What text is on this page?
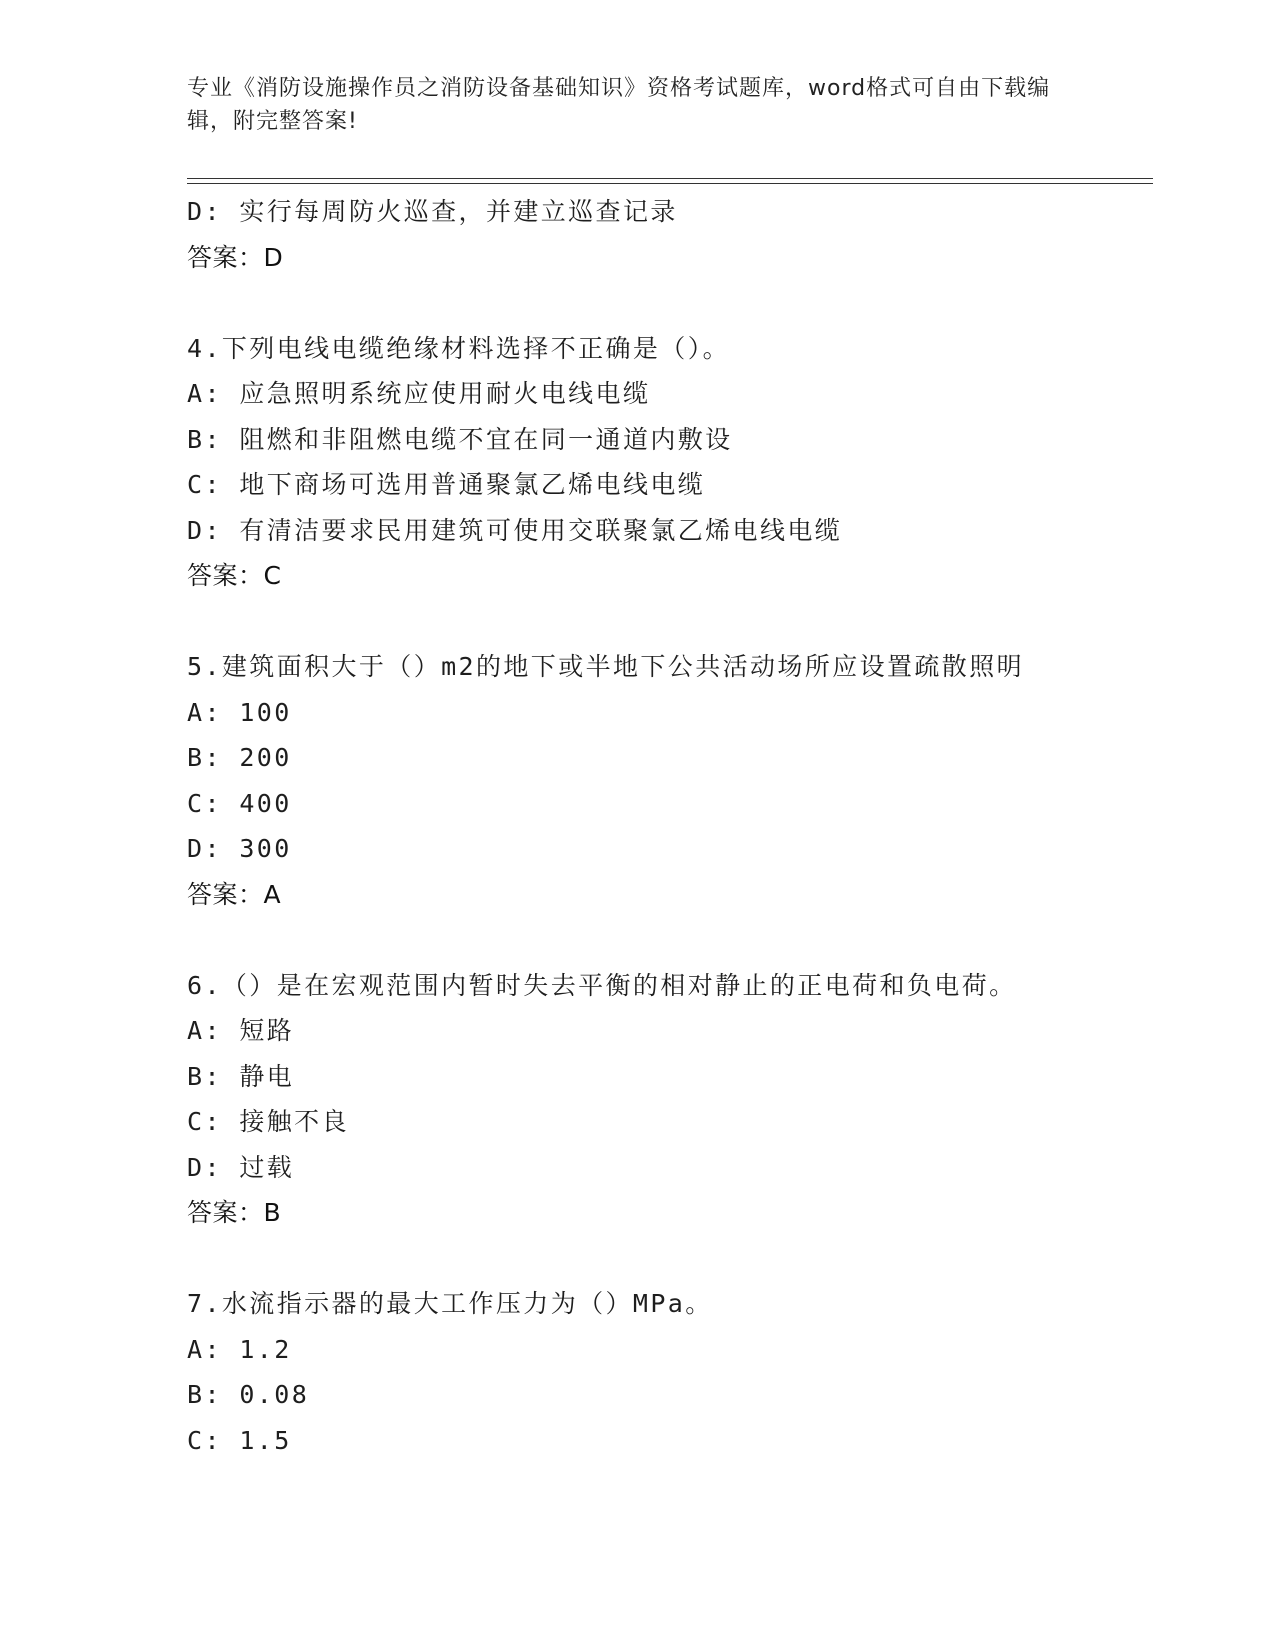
专业《消防设施操作员之消防设备基础知识》资格考试题库，word格式可自由下载编辑，附完整答案!
D: 实行每周防火巡查，并建立巡查记录
答案：D
4.下列电线电缆绝缘材料选择不正确是（）。
A: 应急照明系统应使用耐火电线电缆
B: 阻燃和非阻燃电缆不宜在同一通道内敷设
C: 地下商场可选用普通聚氯乙烯电线电缆
D: 有清洁要求民用建筑可使用交联聚氯乙烯电线电缆
答案：C
5.建筑面积大于（）m2的地下或半地下公共活动场所应设置疏散照明
A: 100
B: 200
C: 400
D: 300
答案：A
6.（）是在宏观范围内暂时失去平衡的相对静止的正电荷和负电荷。
A: 短路
B: 静电
C: 接触不良
D: 过载
答案：B
7.水流指示器的最大工作压力为（）MPa。
A: 1.2
B: 0.08
C: 1.5
